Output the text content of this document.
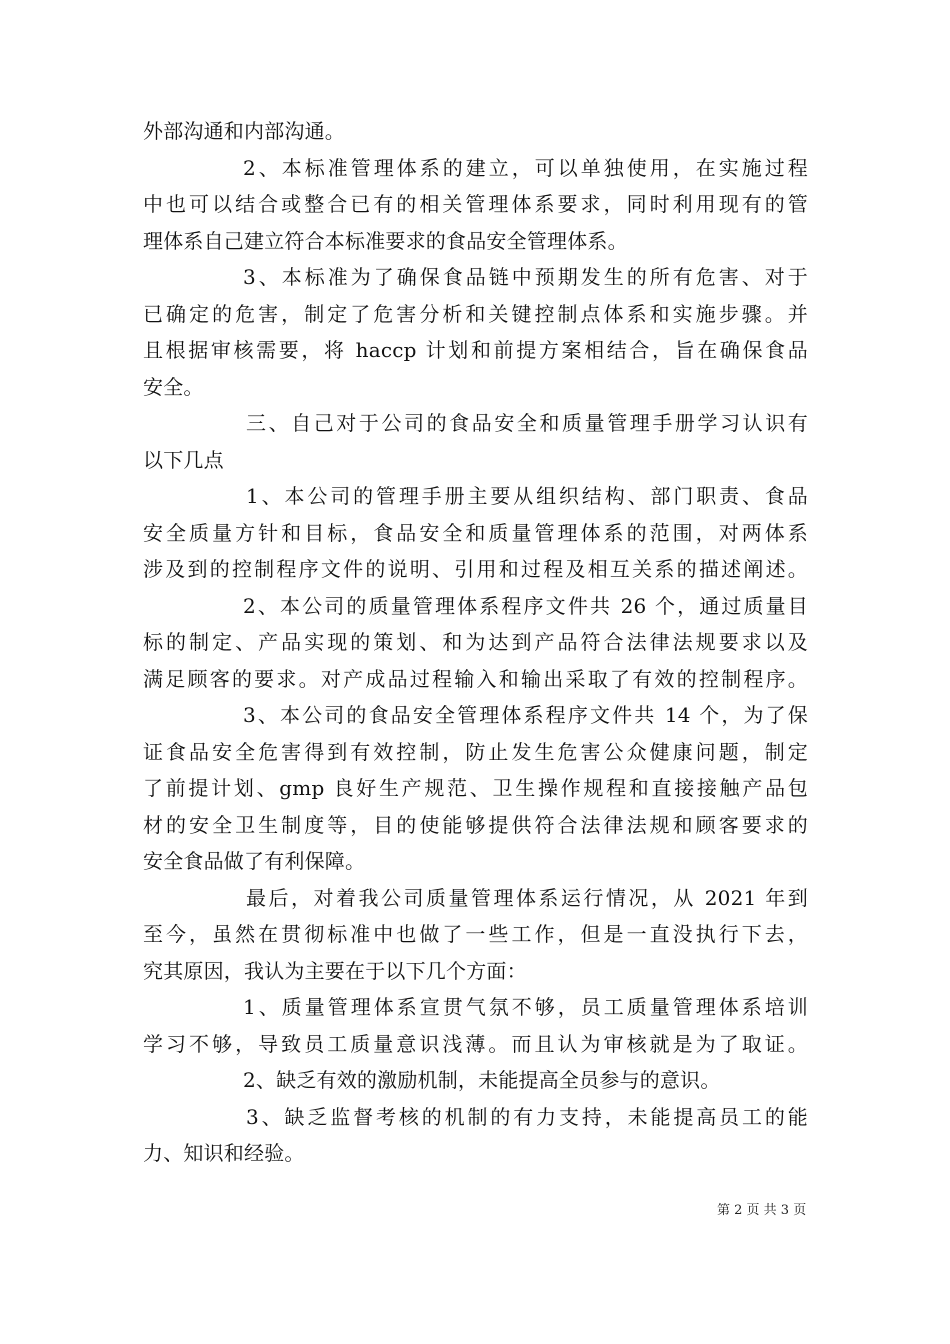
外部沟通和内部沟通。
2、本标准管理体系的建立，可以单独使用，在实施过程
中也可以结合或整合已有的相关管理体系要求，同时利用现有的管
理体系自己建立符合本标准要求的食品安全管理体系。
3、本标准为了确保食品链中预期发生的所有危害、对于
已确定的危害，制定了危害分析和关键控制点体系和实施步骤。并
且根据审核需要，将 haccp 计划和前提方案相结合，旨在确保食品
安全。
三、自己对于公司的食品安全和质量管理手册学习认识有
以下几点
1、本公司的管理手册主要从组织结构、部门职责、食品
安全质量方针和目标，食品安全和质量管理体系的范围，对两体系
涉及到的控制程序文件的说明、引用和过程及相互关系的描述阐述。
2、本公司的质量管理体系程序文件共 26 个，通过质量目
标的制定、产品实现的策划、和为达到产品符合法律法规要求以及
满足顾客的要求。对产成品过程输入和输出采取了有效的控制程序。
3、本公司的食品安全管理体系程序文件共 14 个，为了保
证食品安全危害得到有效控制，防止发生危害公众健康问题，制定
了前提计划、gmp 良好生产规范、卫生操作规程和直接接触产品包
材的安全卫生制度等，目的使能够提供符合法律法规和顾客要求的
安全食品做了有利保障。
最后，对着我公司质量管理体系运行情况，从 2021 年到
至今，虽然在贯彻标准中也做了一些工作，但是一直没执行下去，
究其原因，我认为主要在于以下几个方面：
1、质量管理体系宣贯气氛不够，员工质量管理体系培训
学习不够，导致员工质量意识浅薄。而且认为审核就是为了取证。
2、缺乏有效的激励机制，未能提高全员参与的意识。
3、缺乏监督考核的机制的有力支持，未能提高员工的能
力、知识和经验。
第 2 页 共 3 页
